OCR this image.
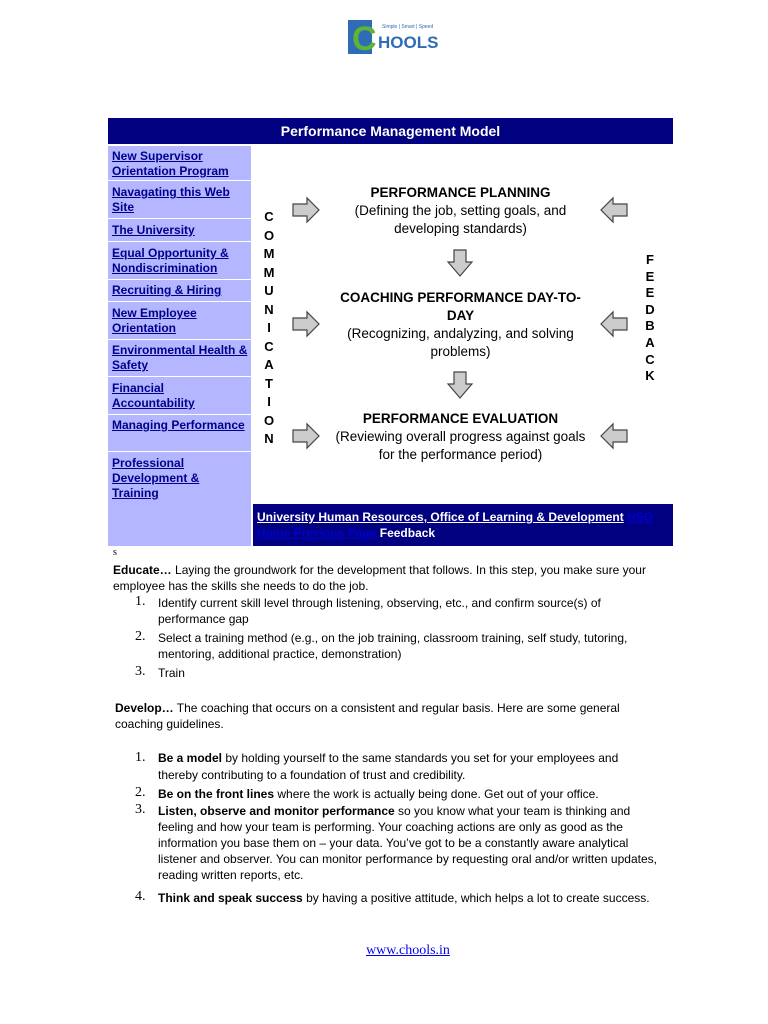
C Simple | Smart | Speed
HOOLS
Performance Management Model
New Supervisor Orientation Program
Navagating this Web Site
The University
Equal Opportunity & Nondiscrimination
Recruiting & Hiring
New Employee Orientation
Environmental Health & Safety
Financial Accountability
Managing Performance
Professional Development & Training
C
O
M
M
U
N
I
C
A
T
I
O
N
F
E
E
D
B
A
C
K
PERFORMANCE PLANNING
(Defining the job, setting goals, and developing standards)
COACHING PERFORMANCE DAY-TO-DAY
(Recognizing, andalyzing, and solving problems)
PERFORMANCE EVALUATION
(Reviewing overall progress against goals for the performance period)
University Human Resources, Office of Learning & Development HSO Home Previous Page Feedback
s
Educate… Laying the groundwork for the development that follows. In this step, you make sure your employee has the skills she needs to do the job.
1. Identify current skill level through listening, observing, etc., and confirm source(s) of performance gap
2. Select a training method (e.g., on the job training, classroom training, self study, tutoring, mentoring, additional practice, demonstration)
3. Train
Develop… The coaching that occurs on a consistent and regular basis. Here are some general coaching guidelines.
1. Be a model by holding yourself to the same standards you set for your employees and thereby contributing to a foundation of trust and credibility.
2. Be on the front lines where the work is actually being done. Get out of your office.
3. Listen, observe and monitor performance so you know what your team is thinking and feeling and how your team is performing. Your coaching actions are only as good as the information you base them on – your data. You’ve got to be a constantly aware analytical listener and observer. You can monitor performance by requesting oral and/or written updates, reading written reports, etc.
4. Think and speak success by having a positive attitude, which helps a lot to create success.
www.chools.in
